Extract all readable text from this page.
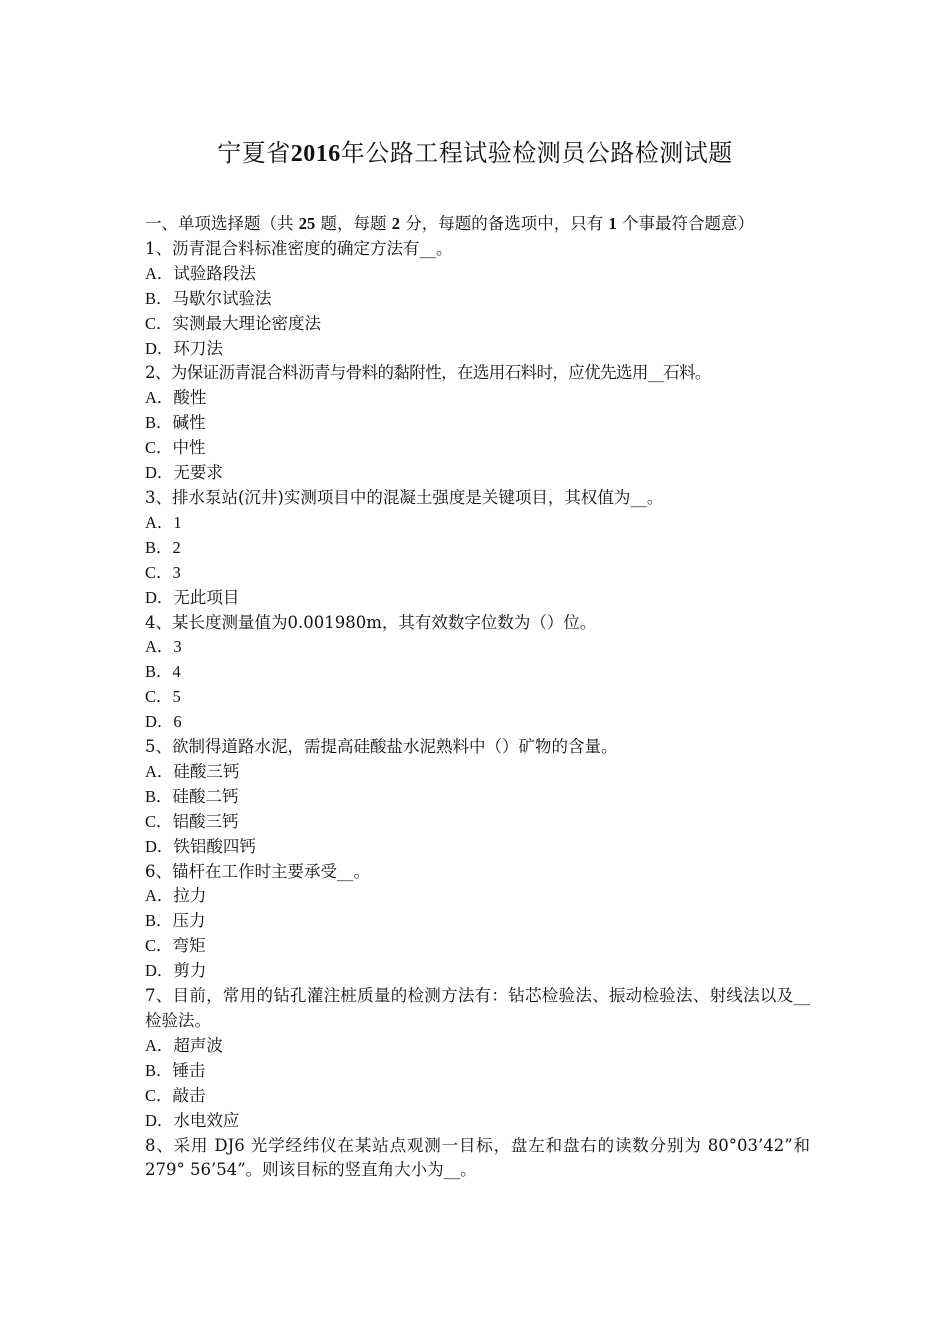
宁夏省2016年公路工程试验检测员公路检测试题
一、单项选择题（共 25 题，每题 2 分，每题的备选项中，只有 1 个事最符合题意）
1、沥青混合料标准密度的确定方法有__。
A．试验路段法
B．马歇尔试验法
C．实测最大理论密度法
D．环刀法
2、为保证沥青混合料沥青与骨料的黏附性，在选用石料时，应优先选用__石料。
A．酸性
B．碱性
C．中性
D．无要求
3、排水泵站(沉井)实测项目中的混凝土强度是关键项目，其权值为__。
A．1
B．2
C．3
D．无此项目
4、某长度测量值为0.001980m，其有效数字位数为（）位。
A．3
B．4
C．5
D．6
5、欲制得道路水泥，需提高硅酸盐水泥熟料中（）矿物的含量。
A．硅酸三钙
B．硅酸二钙
C．铝酸三钙
D．铁铝酸四钙
6、锚杆在工作时主要承受__。
A．拉力
B．压力
C．弯矩
D．剪力
7、目前，常用的钻孔灌注桩质量的检测方法有：钻芯检验法、振动检验法、射线法以及__检验法。
A．超声波
B．锤击
C．敲击
D．水电效应
8、采用 DJ6 光学经纬仪在某站点观测一目标，盘左和盘右的读数分别为 80°03’42”和 279° 56’54”。则该目标的竖直角大小为__。
